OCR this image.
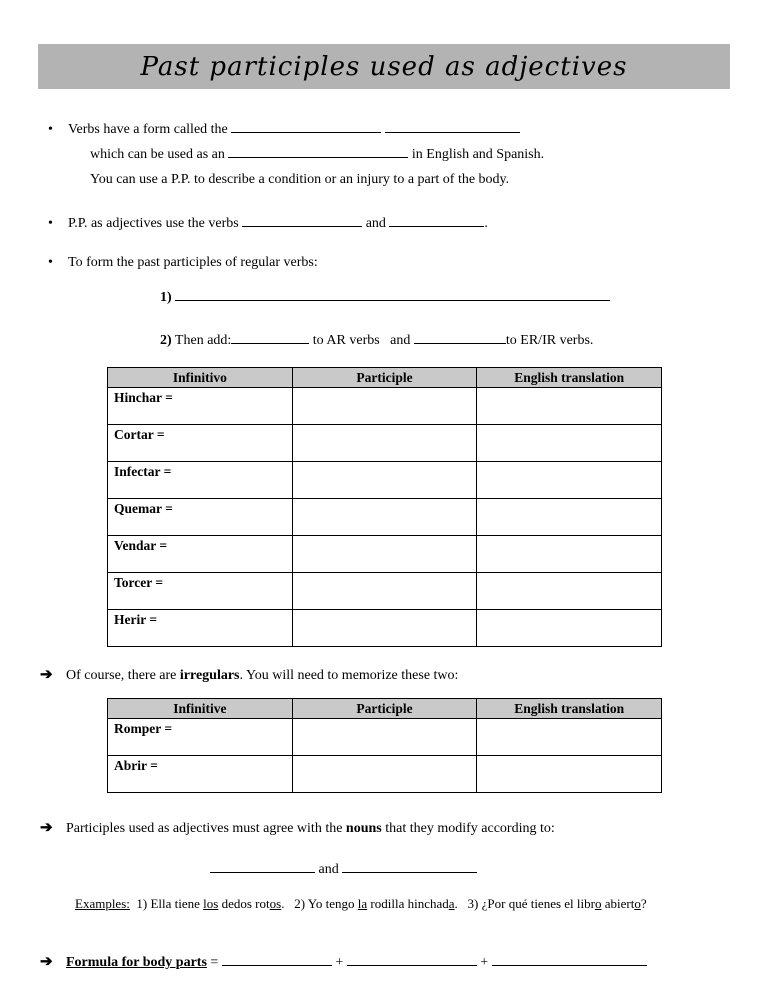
Past participles used as adjectives
• Verbs have a form called the
which can be used as an	in English and Spanish.
You can use a P.P. to describe a condition or an injury to a part of the body.
• P.P. as adjectives use the verbs	and	.
• To form the past participles of regular verbs:
1)
2) Then add:	to AR verbs   and	to ER/IR verbs.
Infinitivo	Participle	English translation
Hinchar =		
Cortar =		
Infectar =		
Quemar =		
Vendar =		
Torcer =		
Herir =		
➔ Of course, there are irregulars. You will need to memorize these two:
Infinitive	Participle	English translation
Romper =		
Abrir =		
➔ Participles used as adjectives must agree with the nouns that they modify according to:
and
Examples:  1) Ella tiene los dedos rotos.   2) Yo tengo la rodilla hinchada.   3) ¿Por qué tienes el libro abierto?
➔ Formula for body parts =	+	+
